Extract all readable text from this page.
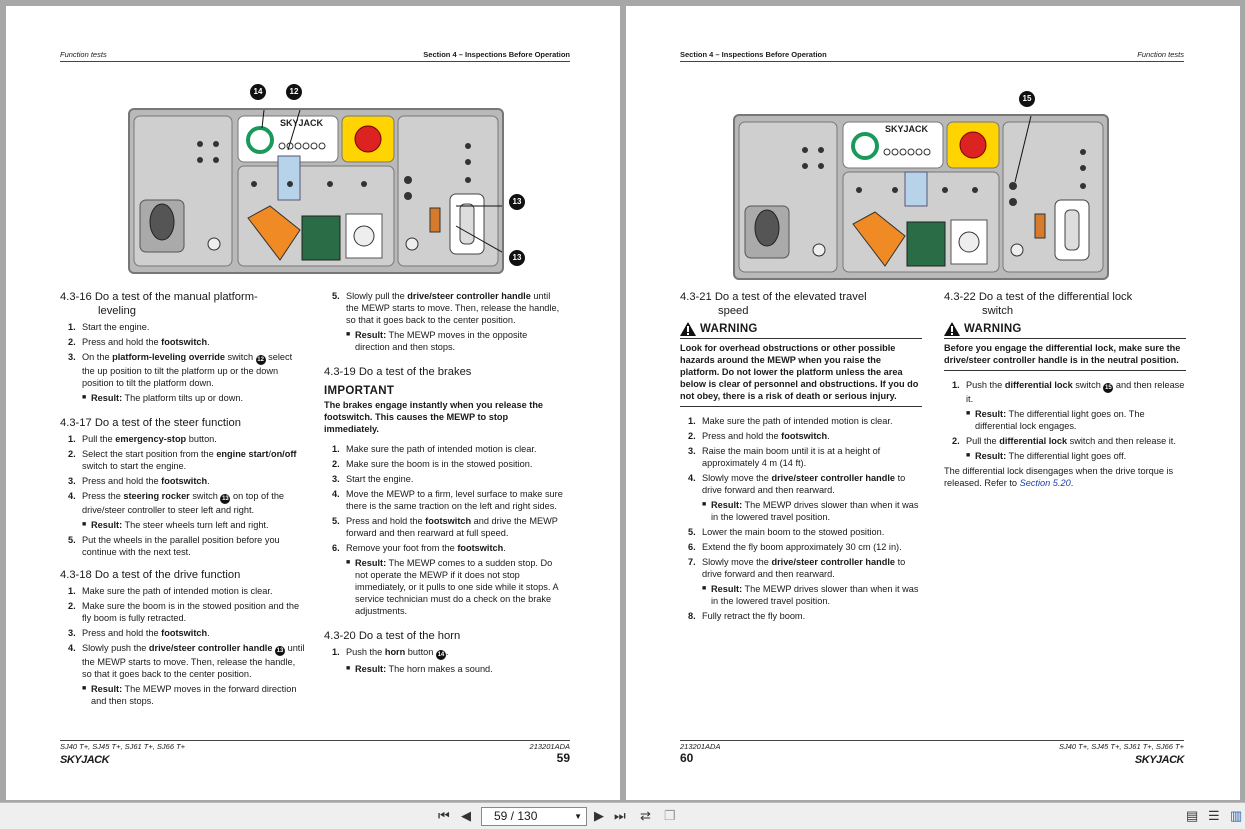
Function tests	Section 4 – Inspections Before Operation
SKYJACK
14	12
13
13
4.3-16 Do a test of the manual platform-
leveling
1. Start the engine.
2. Press and hold the footswitch.
3. On the platform-leveling override switch 12 select the up position to tilt the platform up or the down position to tilt the platform down.
■ Result: The platform tilts up or down.
4.3-17 Do a test of the steer function
1. Pull the emergency-stop button.
2. Select the start position from the engine start/on/off switch to start the engine.
3. Press and hold the footswitch.
4. Press the steering rocker switch 13 on top of the drive/steer controller to steer left and right.
■ Result: The steer wheels turn left and right.
5. Put the wheels in the parallel position before you continue with the next test.
4.3-18 Do a test of the drive function
1. Make sure the path of intended motion is clear.
2. Make sure the boom is in the stowed position and the fly boom is fully retracted.
3. Press and hold the footswitch.
4. Slowly push the drive/steer controller handle 13 until the MEWP starts to move. Then, release the handle, so that it goes back to the center position.
■ Result: The MEWP moves in the forward direction and then stops.
5. Slowly pull the drive/steer controller handle until the MEWP starts to move. Then, release the handle, so that it goes back to the center position.
■ Result: The MEWP moves in the opposite direction and then stops.
4.3-19 Do a test of the brakes
IMPORTANT
The brakes engage instantly when you release the footswitch. This causes the MEWP to stop immediately.
1. Make sure the path of intended motion is clear.
2. Make sure the boom is in the stowed position.
3. Start the engine.
4. Move the MEWP to a firm, level surface to make sure there is the same traction on the left and right sides.
5. Press and hold the footswitch and drive the MEWP forward and then rearward at full speed.
6. Remove your foot from the footswitch.
■ Result: The MEWP comes to a sudden stop. Do not operate the MEWP if it does not stop immediately, or it pulls to one side while it stops. A service technician must do a check on the brake adjustments.
4.3-20 Do a test of the horn
1. Push the horn button 14 .
■ Result: The horn makes a sound.
SJ40 T+, SJ45 T+, SJ61 T+, SJ66 T+	213201ADA
SKYJACK	59
Section 4 – Inspections Before Operation	Function tests
SKYJACK
15
4.3-21 Do a test of the elevated travel
speed
WARNING
Look for overhead obstructions or other possible hazards around the MEWP when you raise the platform. Do not lower the platform unless the area below is clear of personnel and obstructions. If you do not obey, there is a risk of death or serious injury.
1. Make sure the path of intended motion is clear.
2. Press and hold the footswitch.
3. Raise the main boom until it is at a height of approximately 4 m (14 ft).
4. Slowly move the drive/steer controller handle to drive forward and then rearward.
■ Result: The MEWP drives slower than when it was in the lowered travel position.
5. Lower the main boom to the stowed position.
6. Extend the fly boom approximately 30 cm (12 in).
7. Slowly move the drive/steer controller handle to drive forward and then rearward.
■ Result: The MEWP drives slower than when it was in the lowered travel position.
8. Fully retract the fly boom.
4.3-22 Do a test of the differential lock
switch
WARNING
Before you engage the differential lock, make sure the drive/steer controller handle is in the neutral position.
1. Push the differential lock switch 15 and then release it.
■ Result: The differential light goes on. The differential lock engages.
2. Pull the differential lock switch and then release it.
■ Result: The differential light goes off.
The differential lock disengages when the drive torque is released. Refer to Section 5.20.
213201ADA	SJ40 T+, SJ45 T+, SJ61 T+, SJ66 T+
60	SKYJACK
⏮ ◀ 59 / 130	▼ ▶ ⏭ ⇄ ❐	▤ ☰ ▥
